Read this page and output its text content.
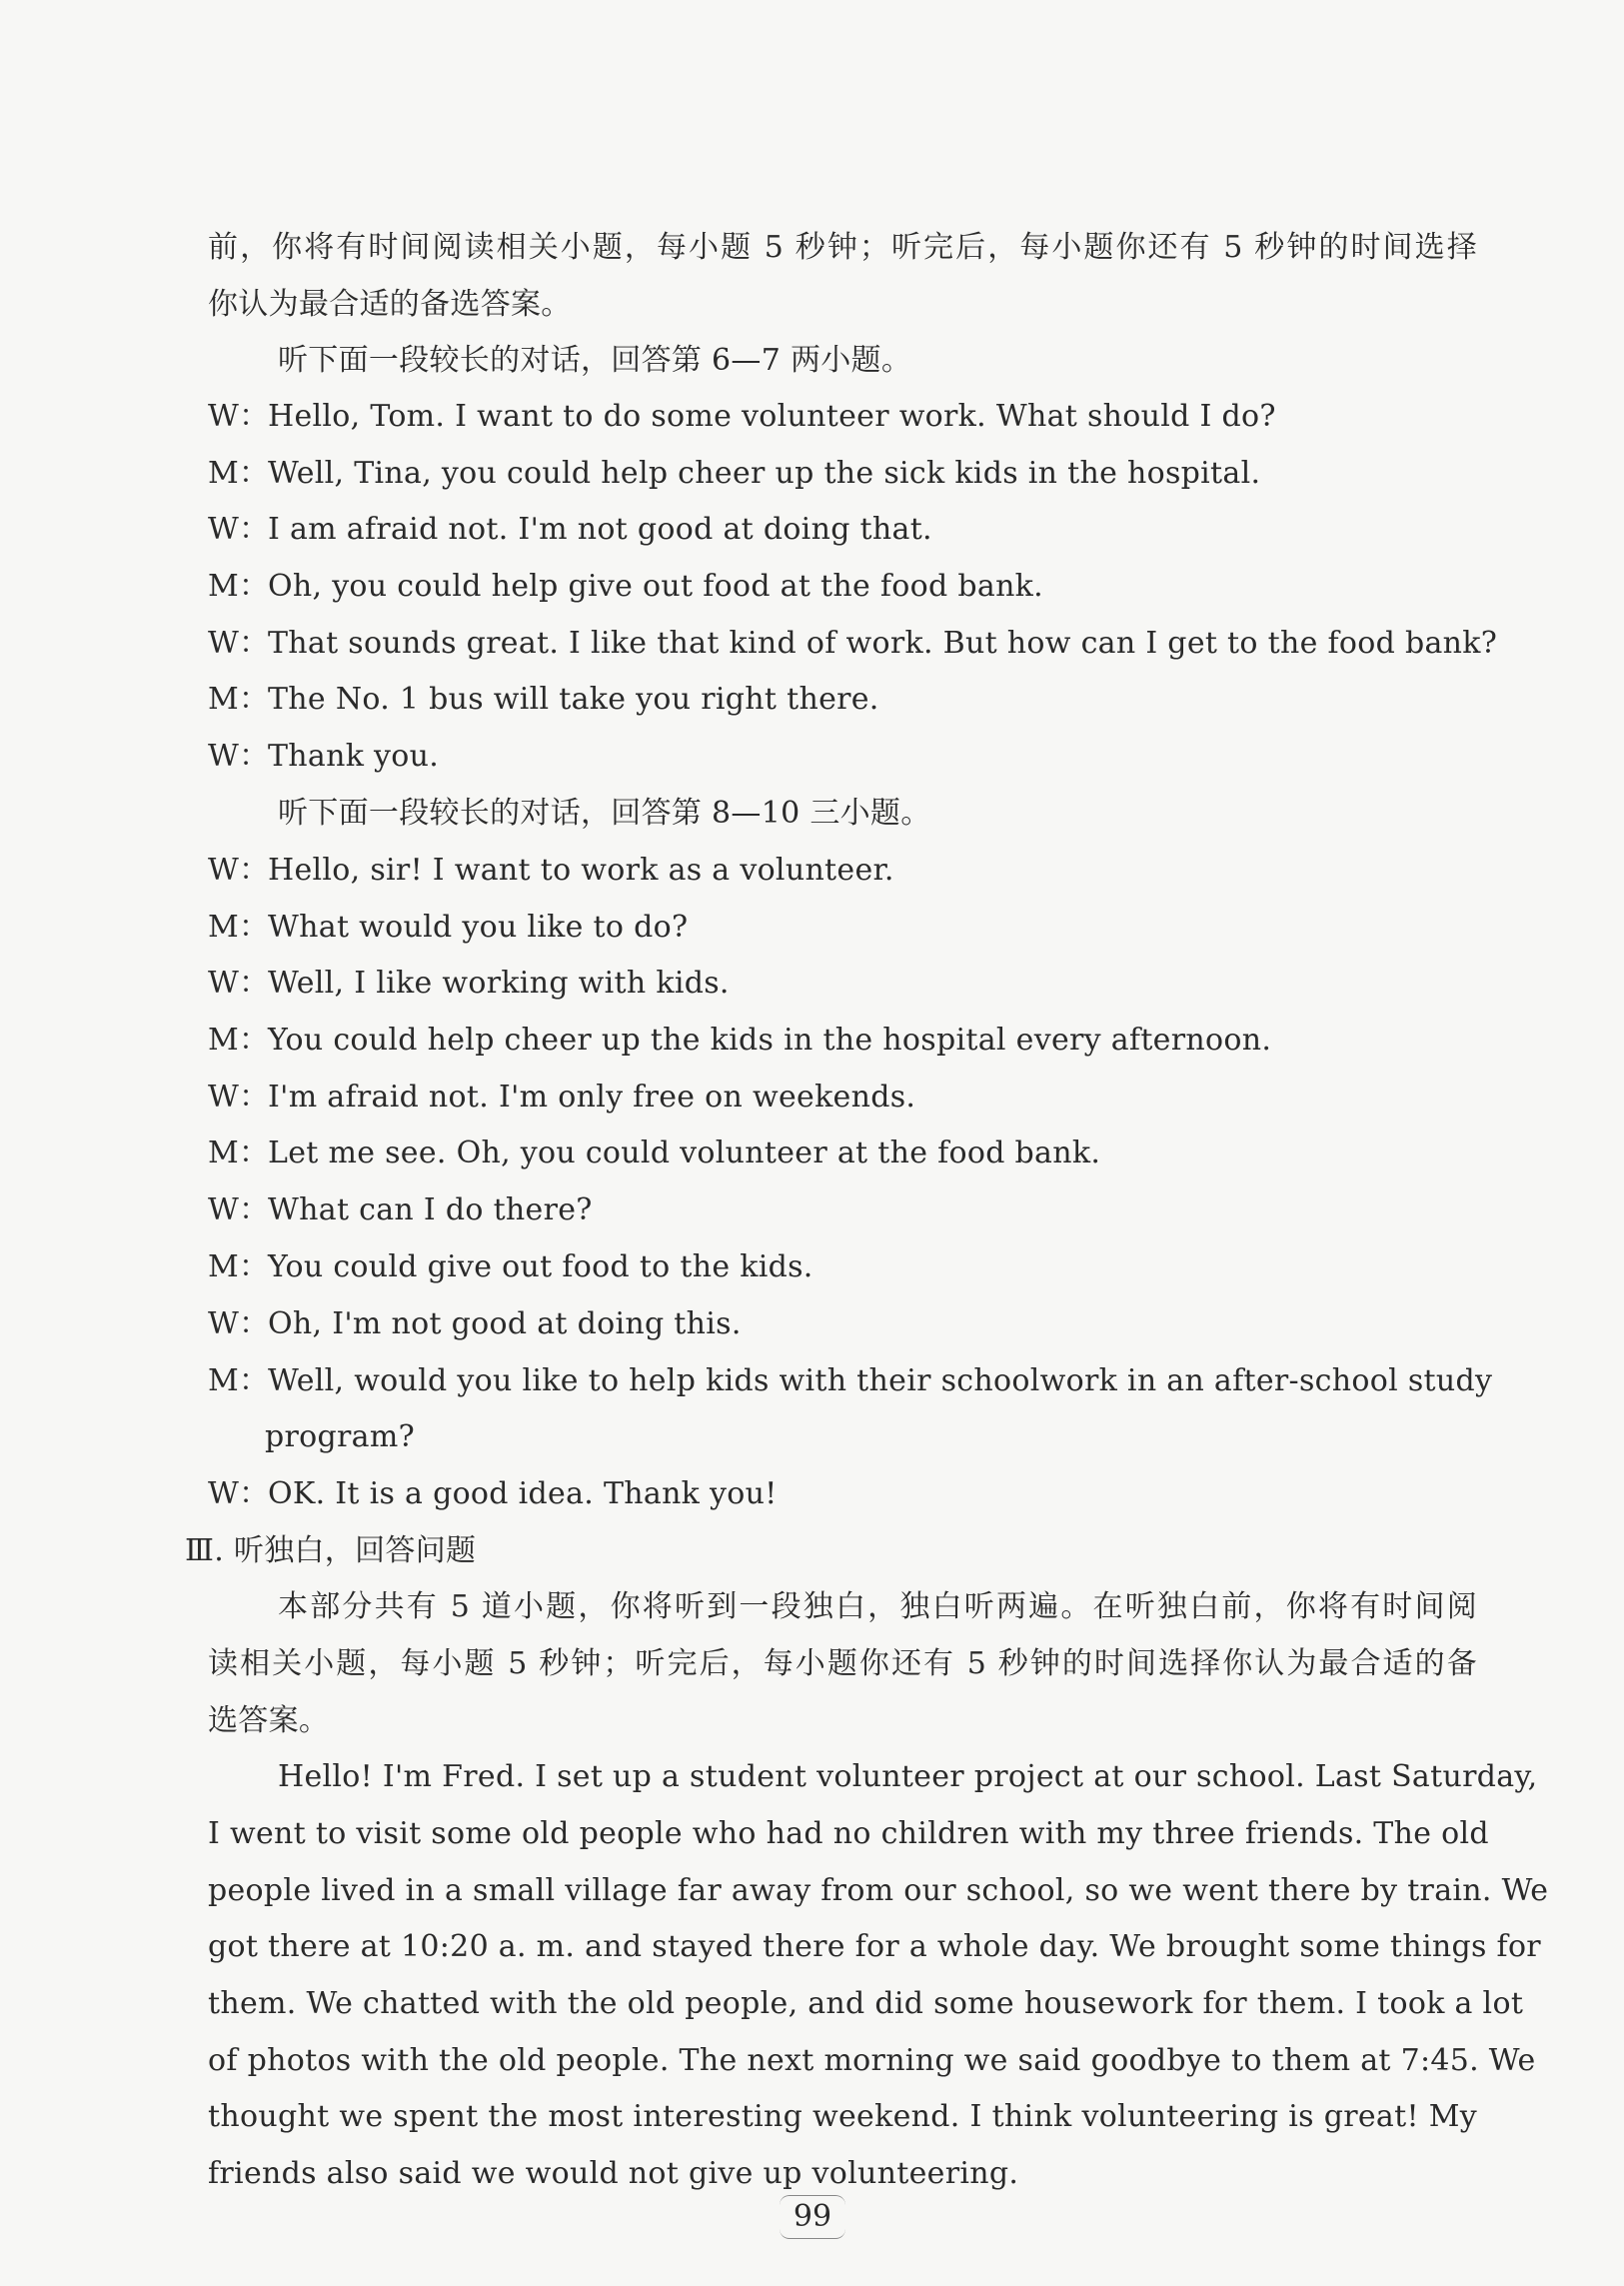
前，你将有时间阅读相关小题，每小题 5 秒钟；听完后，每小题你还有 5 秒钟的时间选择
你认为最合适的备选答案。
听下面一段较长的对话，回答第 6—7 两小题。
W：Hello, Tom. I want to do some volunteer work. What should I do?
M：Well, Tina, you could help cheer up the sick kids in the hospital.
W：I am afraid not. I'm not good at doing that.
M：Oh, you could help give out food at the food bank.
W：That sounds great. I like that kind of work. But how can I get to the food bank?
M：The No. 1 bus will take you right there.
W：Thank you.
听下面一段较长的对话，回答第 8—10 三小题。
W：Hello, sir! I want to work as a volunteer.
M：What would you like to do?
W：Well, I like working with kids.
M：You could help cheer up the kids in the hospital every afternoon.
W：I'm afraid not. I'm only free on weekends.
M：Let me see. Oh, you could volunteer at the food bank.
W：What can I do there?
M：You could give out food to the kids.
W：Oh, I'm not good at doing this.
M：Well, would you like to help kids with their schoolwork in an after-school study
program?
W：OK. It is a good idea. Thank you!
Ⅲ. 听独白，回答问题
本部分共有 5 道小题，你将听到一段独白，独白听两遍。在听独白前，你将有时间阅
读相关小题，每小题 5 秒钟；听完后，每小题你还有 5 秒钟的时间选择你认为最合适的备
选答案。
Hello! I'm Fred. I set up a student volunteer project at our school. Last Saturday,
I went to visit some old people who had no children with my three friends. The old
people lived in a small village far away from our school, so we went there by train. We
got there at 10:20 a. m. and stayed there for a whole day. We brought some things for
them. We chatted with the old people, and did some housework for them. I took a lot
of photos with the old people. The next morning we said goodbye to them at 7:45. We
thought we spent the most interesting weekend. I think volunteering is great! My
friends also said we would not give up volunteering.
99
